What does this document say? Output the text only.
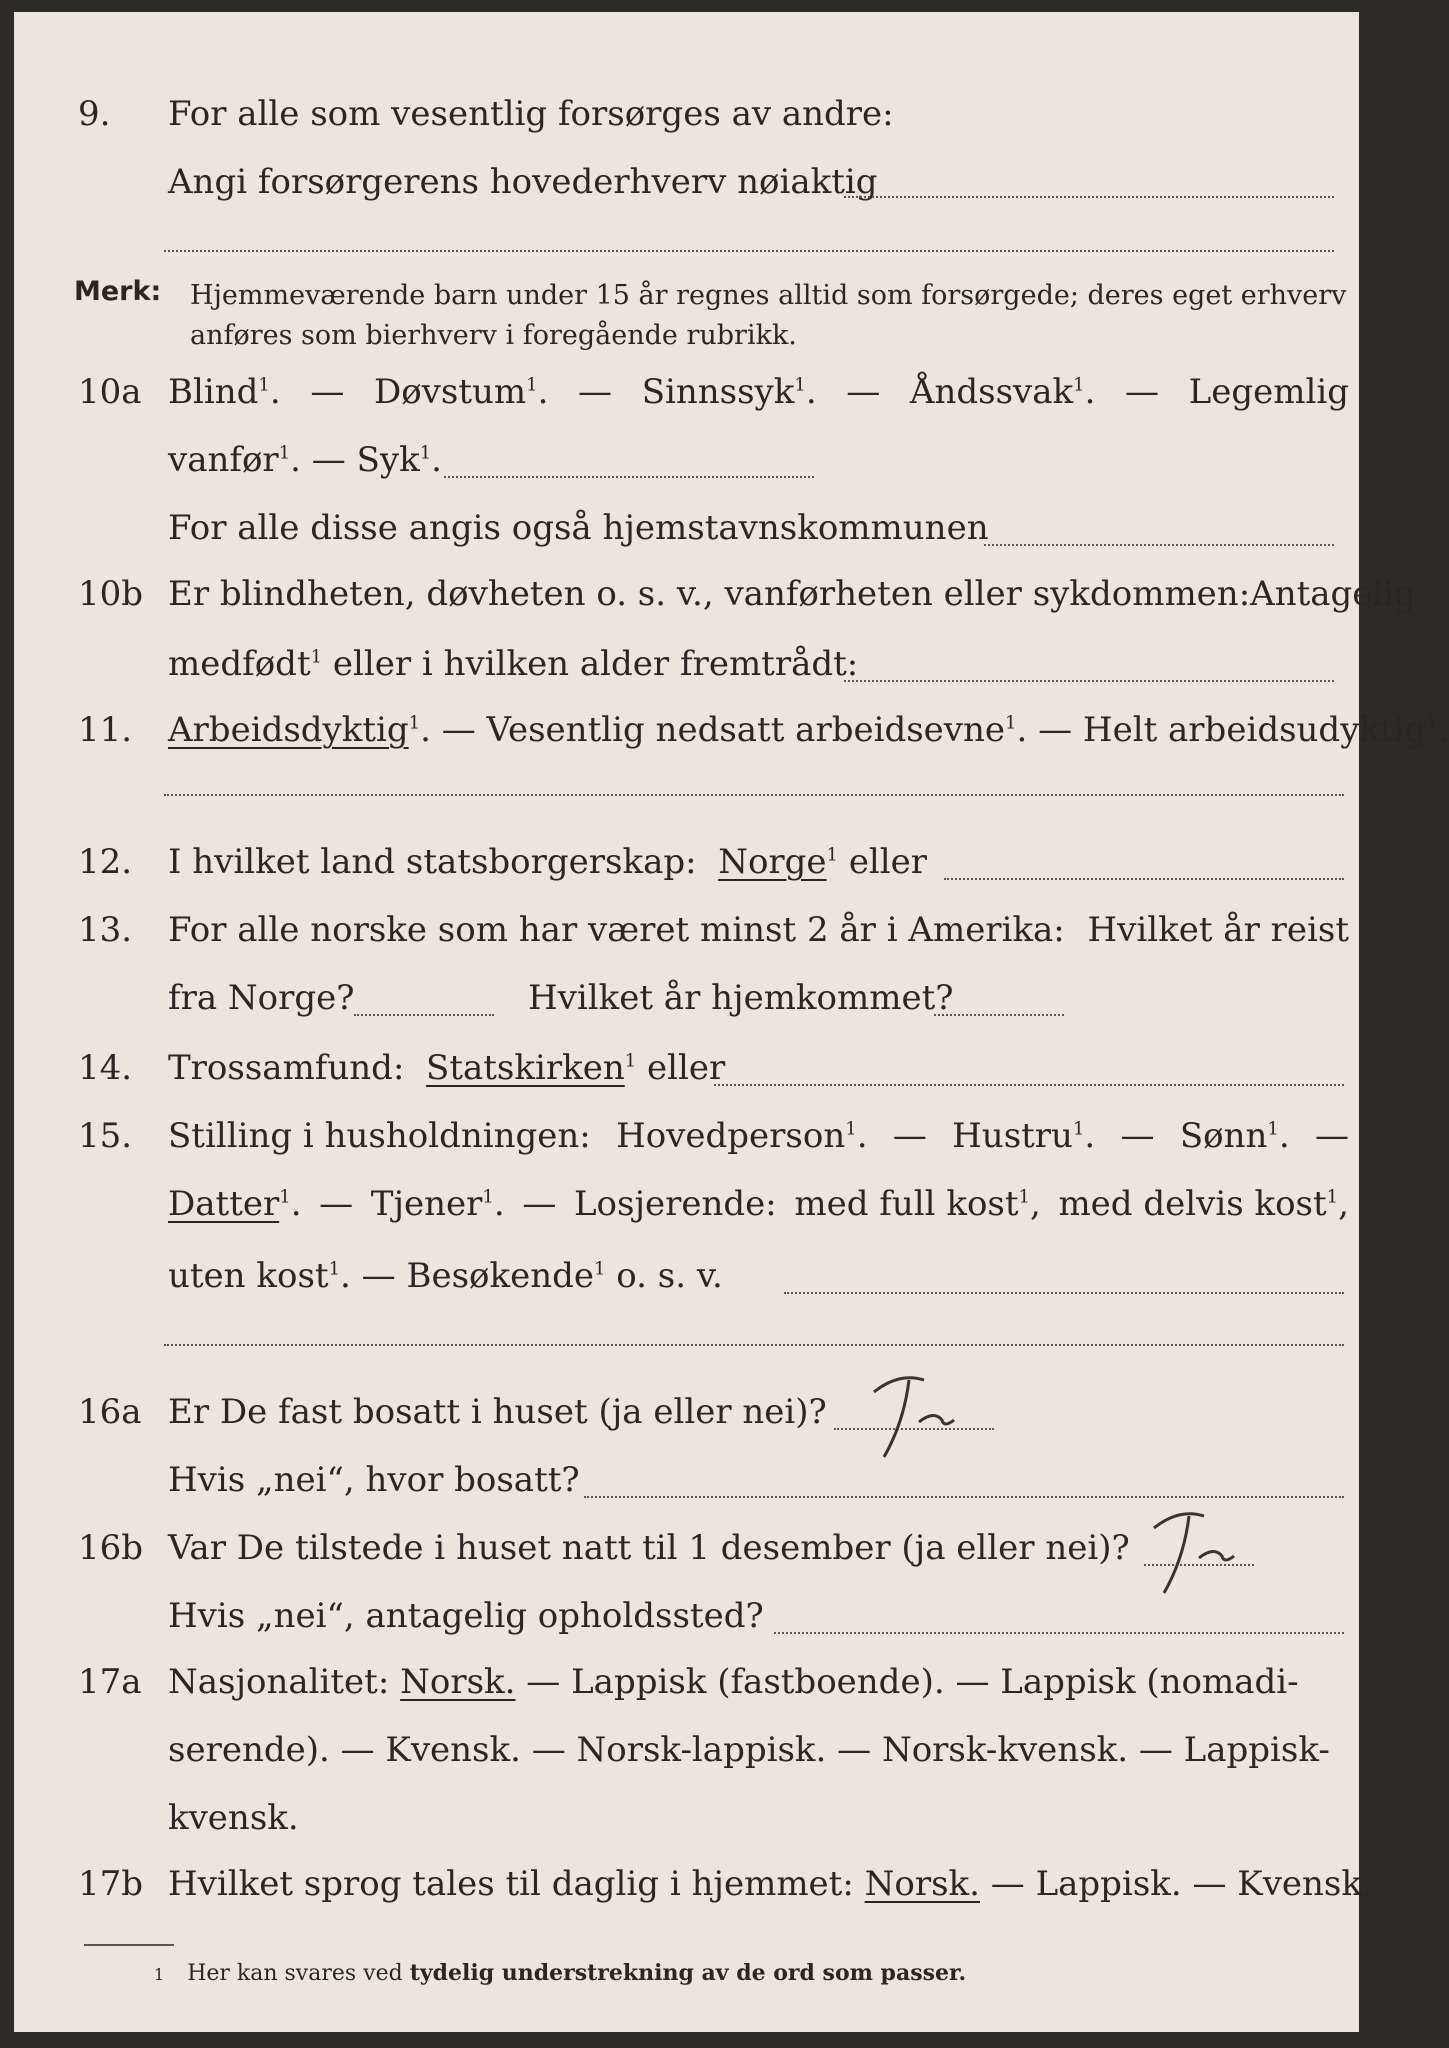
9. For alle som vesentlig forsørges av andre:
Angi forsørgerens hovederhverv nøiaktig
Merk: Hjemmeværende barn under 15 år regnes alltid som forsørgede; deres eget erhverv
anføres som bierhverv i foregående rubrikk.
10a Blind$^1$. — Døvstum$^1$. — Sinnssyk$^1$. — Åndssvak$^1$. — Legemlig
vanfør$^1$. — Syk$^1$.
For alle disse angis også hjemstavnskommunen
10b Er blindheten, døvheten o. s. v., vanførheten eller sykdommen: Antagelig
medfødt$^1$ eller i hvilken alder fremtrådt:
11. Arbeidsdyktig$^1$. — Vesentlig nedsatt arbeidsevne$^1$. — Helt arbeidsudyktig$^1$.
12. I hvilket land statsborgerskap: Norge$^1$ eller
13. For alle norske som har været minst 2 år i Amerika: Hvilket år reist
fra Norge?	Hvilket år hjemkommet?
14. Trossamfund: Statskirken$^1$ eller
15. Stilling i husholdningen: Hovedperson$^1$. — Hustru$^1$. — Sønn$^1$. —
Datter$^1$. — Tjener$^1$. — Losjerende: med full kost$^1$, med delvis kost$^1$,
uten kost$^1$. — Besøkende$^1$ o. s. v.
16a Er De fast bosatt i huset (ja eller nei)?
Hvis „nei“, hvor bosatt?
16b Var De tilstede i huset natt til 1 desember (ja eller nei)?
Hvis „nei“, antagelig opholdssted?
17a Nasjonalitet: Norsk. — Lappisk (fastboende). — Lappisk (nomadi-
serende). — Kvensk. — Norsk-lappisk. — Norsk-kvensk. — Lappisk-
kvensk.
17b Hvilket sprog tales til daglig i hjemmet: Norsk. — Lappisk. — Kvensk.
1 Her kan svares ved tydelig understrekning av de ord som passer.
